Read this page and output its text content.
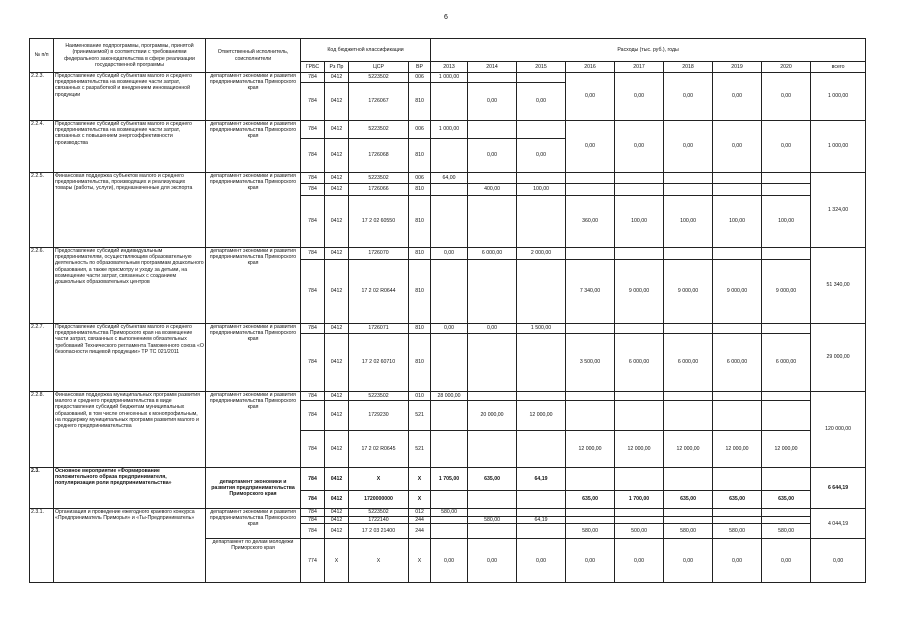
6
№ п/п	Наименование подпрограммы, программы, принятой (принимаемой) в соответствии с требованиями федерального законодательства в сфере реализации государственной программы	Ответственный исполнитель, соисполнители	Код бюджетной классификации				Расходы (тыс. руб.), годы								
			ГРБС	Рз Пр	ЦСР	ВР	2013	2014	2015	2016	2017	2018	2019	2020	всего
2.2.3.	Предоставление субсидий субъектам малого и среднего предпринимательства на возмещение части затрат, связанных с разработкой и внедрением инновационной продукции	департамент экономики и развития предпринимательства Приморского края	784	0412	5223502	006	1 000,00			0,00	0,00	0,00	0,00	0,00	1 000,00
			784	0412	1726067	810		0,00	0,00						
2.2.4.	Предоставление субсидий субъектам малого и среднего предпринимательства на возмещение части затрат, связанных с повышением энергоэффективности производства	департамент экономики и развития предпринимательства Приморского края	784	0412	5223502	006	1 000,00			0,00	0,00	0,00	0,00	0,00	1 000,00
			784	0412	1726068	810		0,00	0,00						
2.2.5.	Финансовая поддержка субъектов малого и среднего предпринимательства, производящих и реализующих товары (работы, услуги), предназначенные для экспорта	департамент экономики и развития предпринимательства Приморского края	784	0412	5223502	006	64,00								1 324,00
			784	0412	1726066	810		400,00	100,00						
			784	0412	17 2 02 60550	810				360,00	100,00	100,00	100,00	100,00	
2.2.6.	Предоставление субсидий индивидуальным предпринимателям, осуществляющим образовательную деятельность по образовательным программам дошкольного образования, а также присмотру и уходу за детьми, на возмещение части затрат, связанных с созданием дошкольных образовательных центров	департамент экономики и развития предпринимательства Приморского края	784	0412	1726070	810	0,00	6 000,00	2 000,00						51 340,00
			784	0412	17 2 02 R0644	810				7 340,00	9 000,00	9 000,00	9 000,00	9 000,00	
2.2.7.	Предоставление субсидий субъектам малого и среднего предпринимательства Приморского края на возмещение части затрат, связанных с выполнением обязательных требований Технического регламента Таможенного союза «О безопасности пищевой продукции» ТР ТС 021/2011	департамент экономики и развития предпринимательства Приморского края	784	0412	1726071	810	0,00	0,00	1 500,00						29 000,00
			784	0412	17 2 02 60710	810				3 500,00	6 000,00	6 000,00	6 000,00	6 000,00	
2.2.8.	Финансовая поддержка муниципальных программ развития малого и среднего предпринимательства в виде предоставления субсидий бюджетам муниципальных образований, в том числе отнесенных к монопрофильным, на поддержку муниципальных программ развития малого и среднего предпринимательства	департамент экономики и развития предпринимательства Приморского края	784	0412	5223502	010	28 000,00								120 000,00
			784	0412	1729230	521		20 000,00	12 000,00						
			784	0412	17 2 02 R0645	521				12 000,00	12 000,00	12 000,00	12 000,00	12 000,00	
2.3.	Основное мероприятие «Формирование положительного образа предпринимателя, популяризация роли предпринимательства»	департамент экономики и развития предпринимательства Приморского края	784	0412	X	X	1 705,00	635,00	64,19						6 644,19
			784	0412	1720000000	X				635,00	1 700,00	635,00	635,00	635,00	
2.3.1.	Организация и проведение ежегодного краевого конкурса «Предприниматель Приморья» и «Ты-Предприниматель»	департамент экономики и развития предпринимательства Приморского края	784	0412	5223502	012	580,00								4 044,19
			784	0412	1722140	244		580,00	64,19						
			784	0412	17 2 03 21400	244				580,00	500,00	580,00	580,00	580,00	
		департамент по делам молодежи Приморского края	774	X	X	X	0,00	0,00	0,00	0,00	0,00	0,00	0,00	0,00	0,00
